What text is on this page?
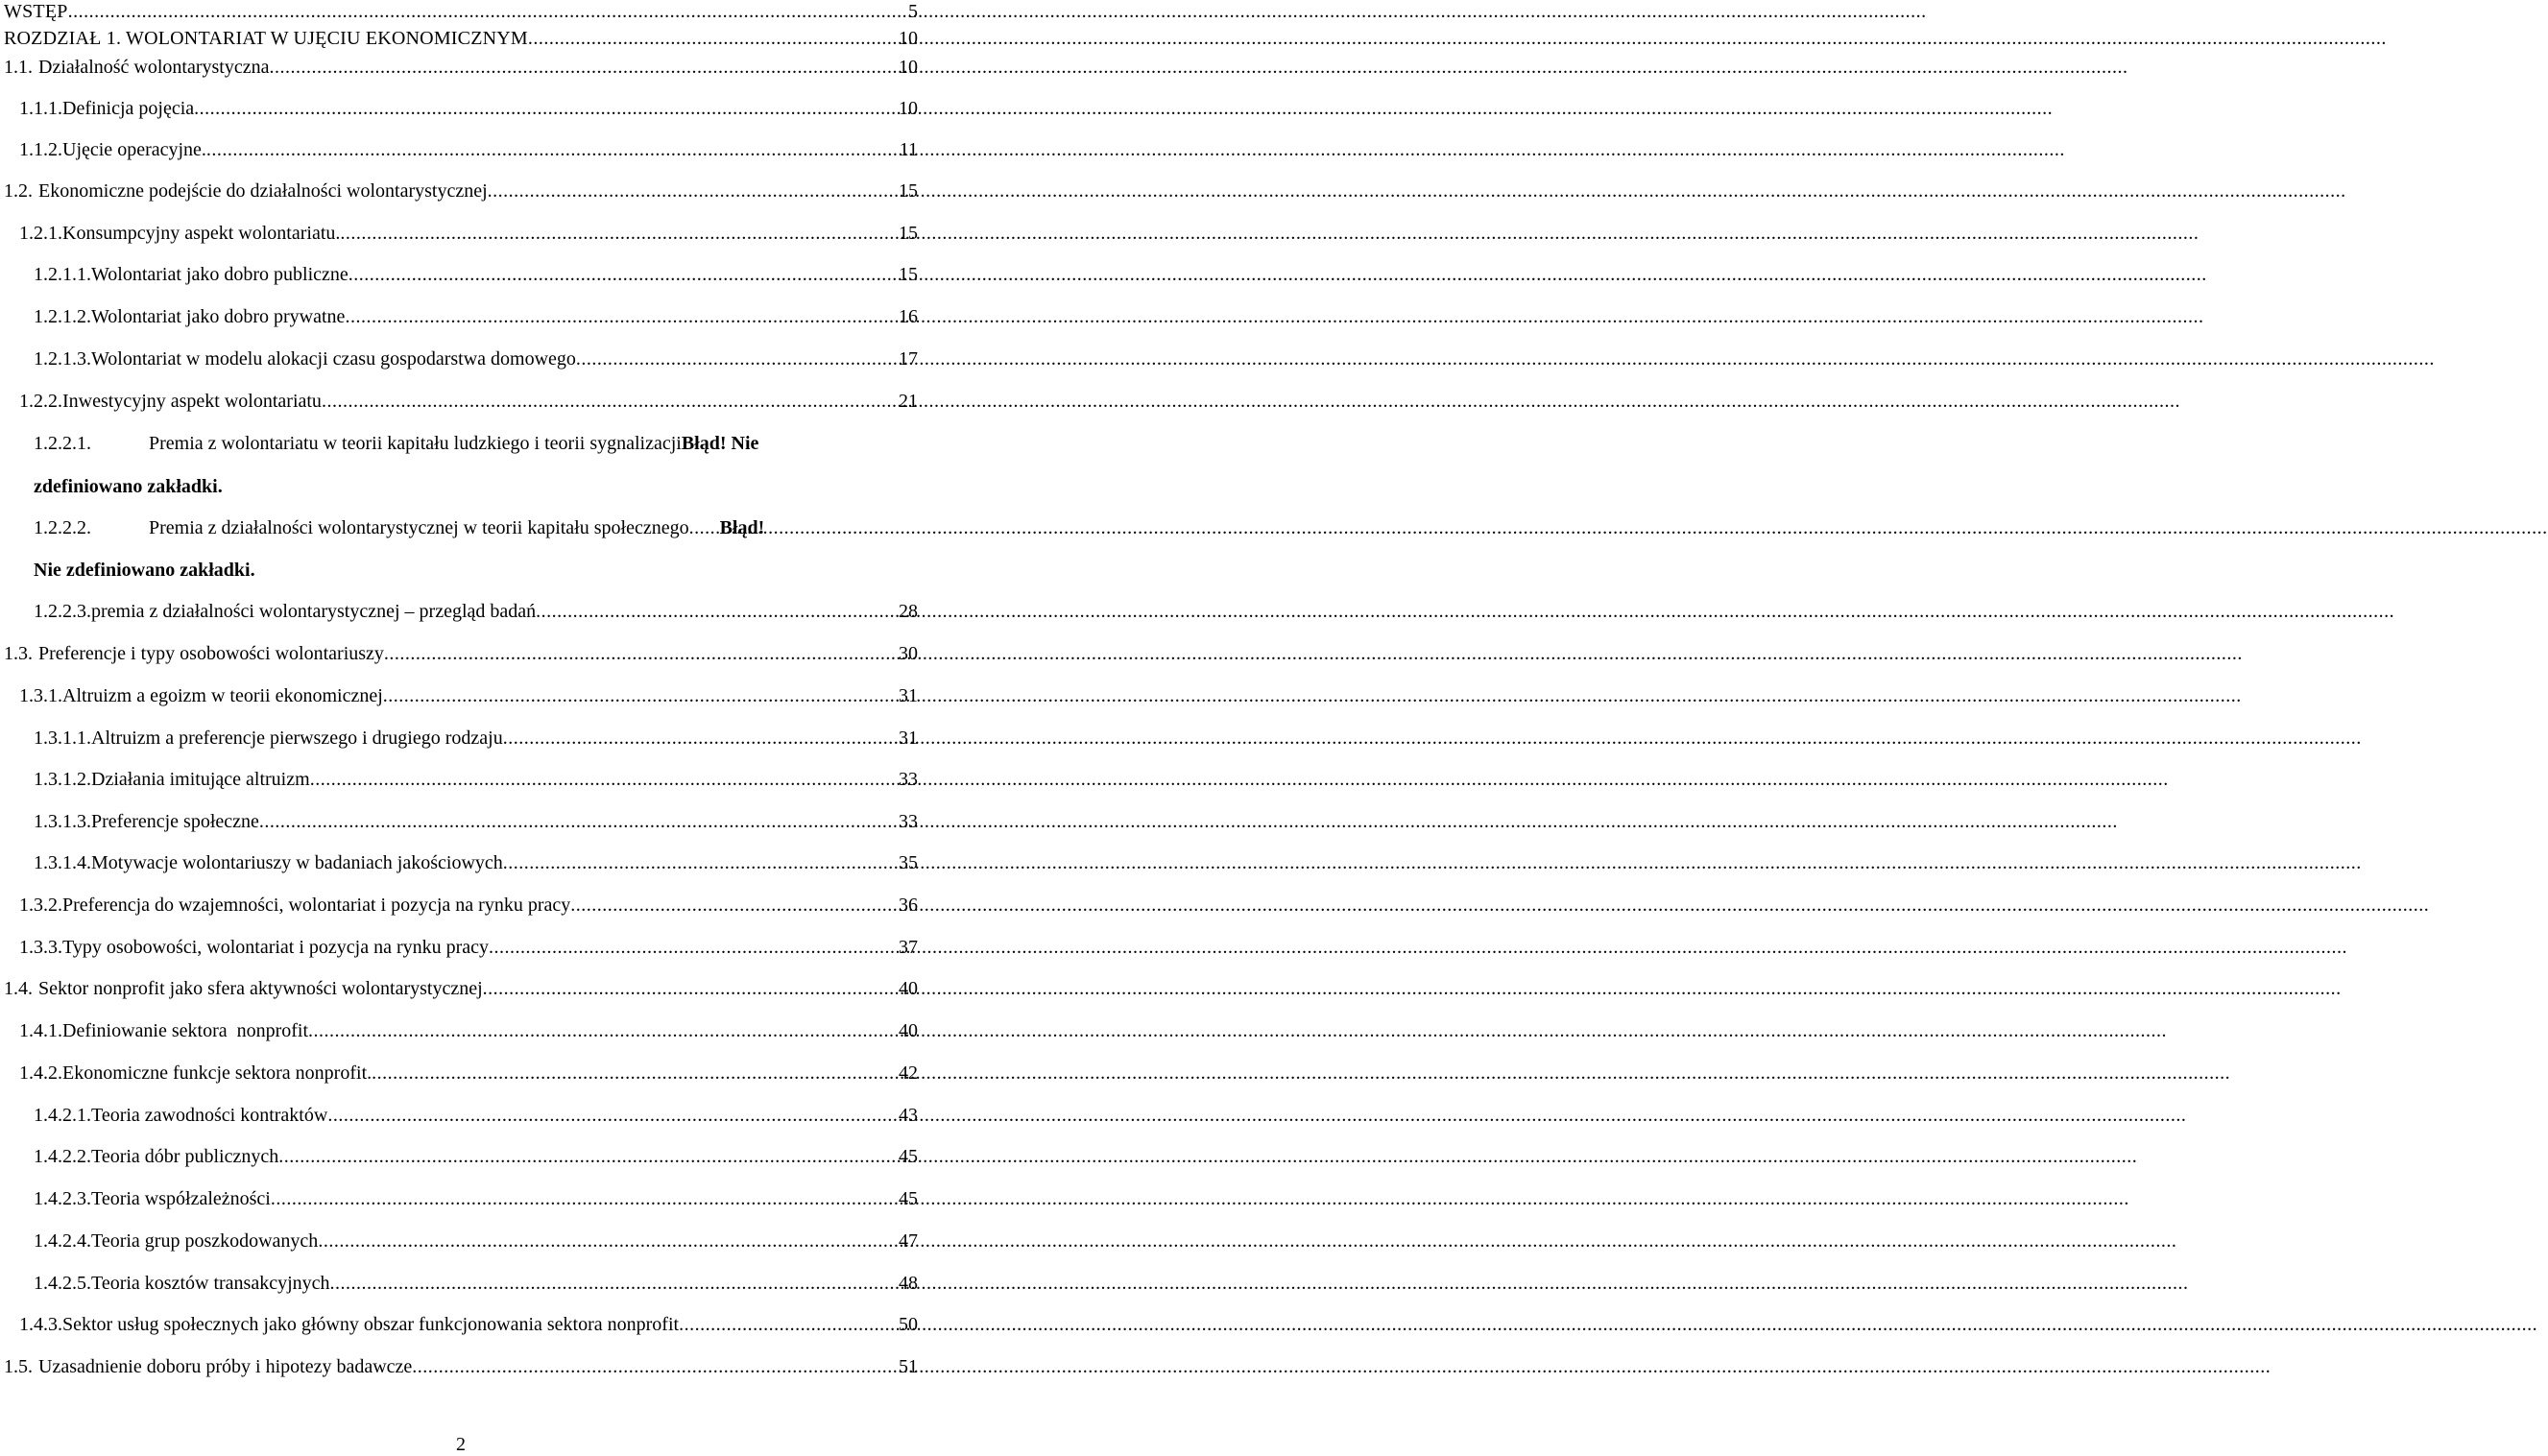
WSTĘP .....	5
ROZDZIAŁ 1. WOLONTARIAT W UJĘCIU EKONOMICZNYM .....	10
1.1. Działalność wolontarystyczna .....	10
1.1.1. Definicja pojęcia .....	10
1.1.2. Ujęcie operacyjne. .....	11
1.2. Ekonomiczne podejście do działalności wolontarystycznej .....	15
1.2.1. Konsumpcyjny aspekt wolontariatu. .....	15
1.2.1.1. Wolontariat jako dobro publiczne .....	15
1.2.1.2. Wolontariat jako dobro prywatne .....	16
1.2.1.3. Wolontariat w modelu alokacji czasu gospodarstwa domowego .....	17
1.2.2. Inwestycyjny aspekt wolontariatu .....	21
1.2.2.1.	Premia z wolontariatu w teorii kapitału ludzkiego i teorii sygnalizacji Błąd! Nie
zdefiniowano zakładki.
1.2.2.2.	Premia z działalności wolontarystycznej w teorii kapitału społecznego ..... Błąd!
Nie zdefiniowano zakładki.
1.2.2.3. premia z działalności wolontarystycznej – przegląd badań .....	28
1.3. Preferencje i typy osobowości wolontariuszy .....	30
1.3.1. Altruizm a egoizm w teorii ekonomicznej .....	31
1.3.1.1. Altruizm a preferencje pierwszego i drugiego rodzaju .....	31
1.3.1.2. Działania imitujące altruizm .....	33
1.3.1.3. Preferencje społeczne .....	33
1.3.1.4. Motywacje wolontariuszy w badaniach jakościowych .....	35
1.3.2. Preferencja do wzajemności, wolontariat i pozycja na rynku pracy .....	36
1.3.3. Typy osobowości, wolontariat i pozycja na rynku pracy .....	37
1.4. Sektor nonprofit jako sfera aktywności wolontarystycznej .....	40
1.4.1. Definiowanie sektora  nonprofit .....	40
1.4.2. Ekonomiczne funkcje sektora nonprofit. .....	42
1.4.2.1. Teoria zawodności kontraktów .....	43
1.4.2.2. Teoria dóbr publicznych .....	45
1.4.2.3. Teoria współzależności .....	45
1.4.2.4. Teoria grup poszkodowanych .....	47
1.4.2.5. Teoria kosztów transakcyjnych .....	48
1.4.3. Sektor usług społecznych jako główny obszar funkcjonowania sektora nonprofit .....	50
1.5. Uzasadnienie doboru próby i hipotezy badawcze .....	51
2
